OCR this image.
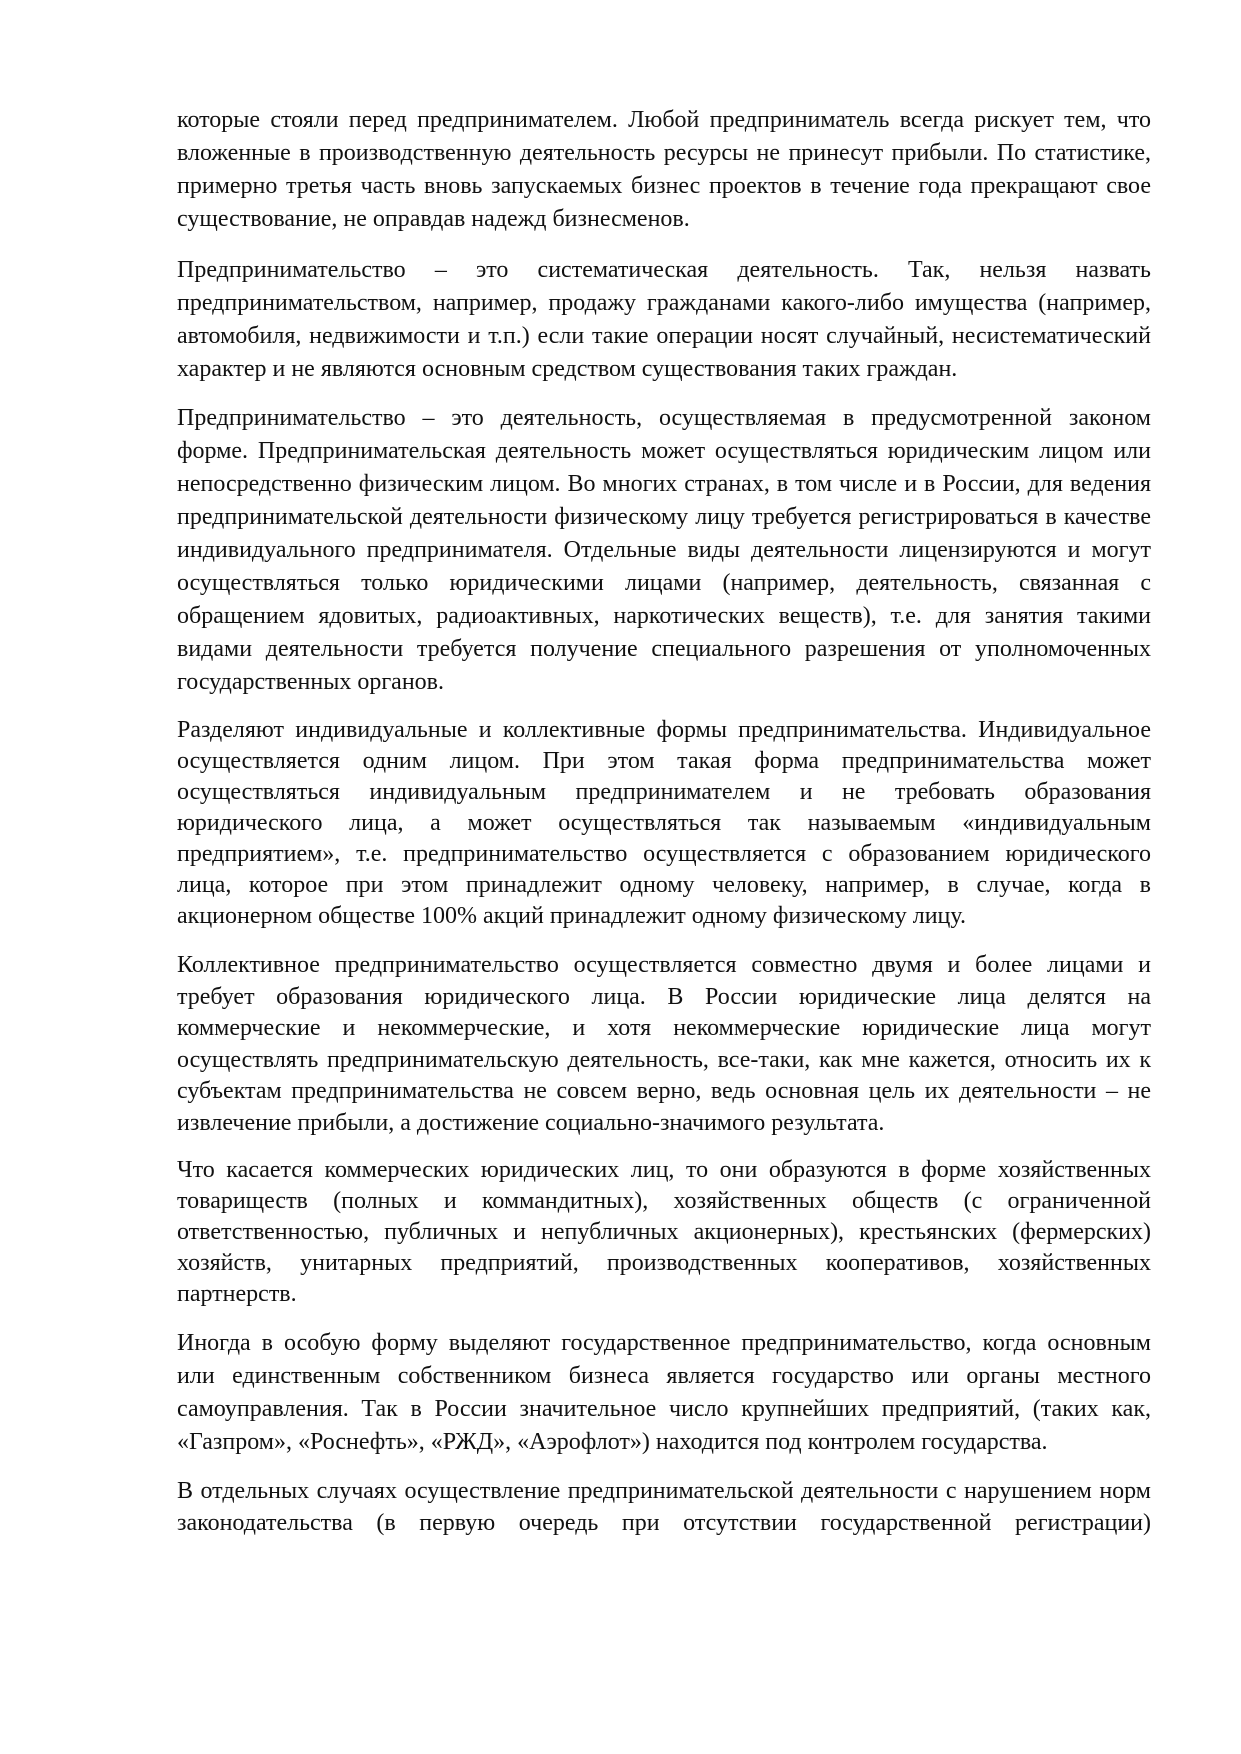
которые стояли перед предпринимателем. Любой предприниматель всегда рискует тем, что вложенные в производственную деятельность ресурсы не принесут прибыли. По статистике, примерно третья часть вновь запускаемых бизнес проектов в течение года прекращают свое существование, не оправдав надежд бизнесменов.

Предпринимательство – это систематическая деятельность. Так, нельзя назвать предпринимательством, например, продажу гражданами какого-либо имущества (например, автомобиля, недвижимости и т.п.) если такие операции носят случайный, несистематический характер и не являются основным средством существования таких граждан.

Предпринимательство – это деятельность, осуществляемая в предусмотренной законом форме. Предпринимательская деятельность может осуществляться юридическим лицом или непосредственно физическим лицом. Во многих странах, в том числе и в России, для ведения предпринимательской деятельности физическому лицу требуется регистрироваться в качестве индивидуального предпринимателя. Отдельные виды деятельности лицензируются и могут осуществляться только юридическими лицами (например, деятельность, связанная с обращением ядовитых, радиоактивных, наркотических веществ), т.е. для занятия такими видами деятельности требуется получение специального разрешения от уполномоченных государственных органов.

Разделяют индивидуальные и коллективные формы предпринимательства. Индивидуальное осуществляется одним лицом. При этом такая форма предпринимательства может осуществляться индивидуальным предпринимателем и не требовать образования юридического лица, а может осуществляться так называемым «индивидуальным предприятием», т.е. предпринимательство осуществляется с образованием юридического лица, которое при этом принадлежит одному человеку, например, в случае, когда в акционерном обществе 100% акций принадлежит одному физическому лицу.

Коллективное предпринимательство осуществляется совместно двумя и более лицами и требует образования юридического лица. В России юридические лица делятся на коммерческие и некоммерческие, и хотя некоммерческие юридические лица могут осуществлять предпринимательскую деятельность, все-таки, как мне кажется, относить их к субъектам предпринимательства не совсем верно, ведь основная цель их деятельности – не извлечение прибыли, а достижение социально-значимого результата.

Что касается коммерческих юридических лиц, то они образуются в форме хозяйственных товариществ (полных и коммандитных), хозяйственных обществ (с ограниченной ответственностью, публичных и непубличных акционерных), крестьянских (фермерских) хозяйств, унитарных предприятий, производственных кооперативов, хозяйственных партнерств.

Иногда в особую форму выделяют государственное предпринимательство, когда основным или единственным собственником бизнеса является государство или органы местного самоуправления. Так в России значительное число крупнейших предприятий, (таких как, «Газпром», «Роснефть», «РЖД», «Аэрофлот») находится под контролем государства.

В отдельных случаях осуществление предпринимательской деятельности с нарушением норм законодательства (в первую очередь при отсутствии государственной регистрации)
